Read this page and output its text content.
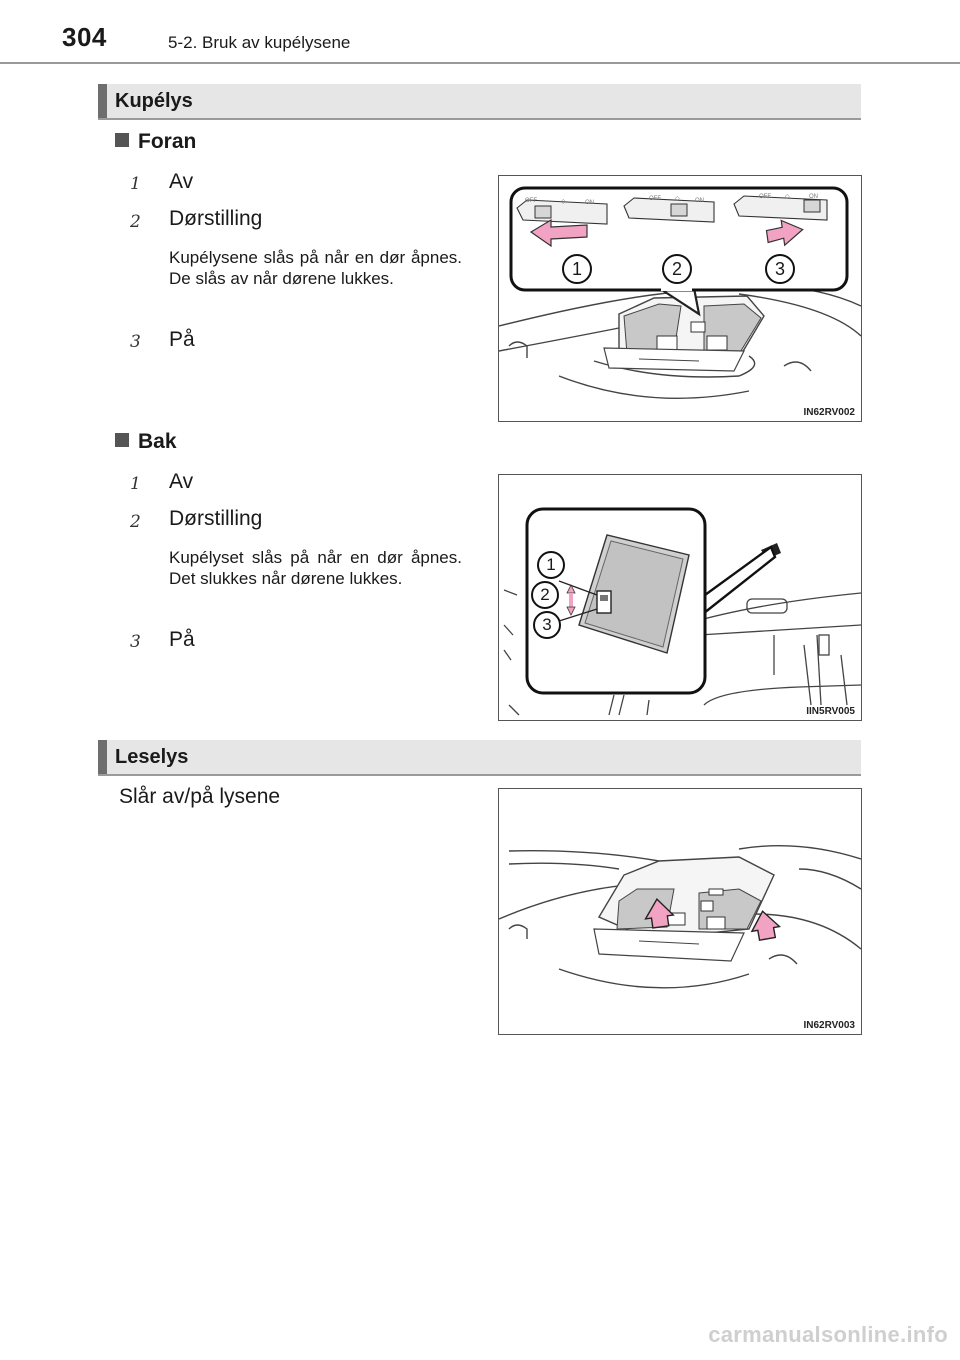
304	5-2. Bruk av kupélysene
Kupélys
Foran
1 Av
2 Dørstilling
Kupélysene slås på når en dør åpnes. De slås av når dørene lukkes.
3 På
OFF	◇	ON
OFF ◇	ON
OFF ◇	ON
1	2	3
IN62RV002
Bak
1 Av
2 Dørstilling
Kupélyset slås på når en dør åpnes. Det slukkes når dørene lukkes.
3 På
1
2
3
IIN5RV005
Leselys
Slår av/på lysene
IN62RV003
carmanualsonline.info
